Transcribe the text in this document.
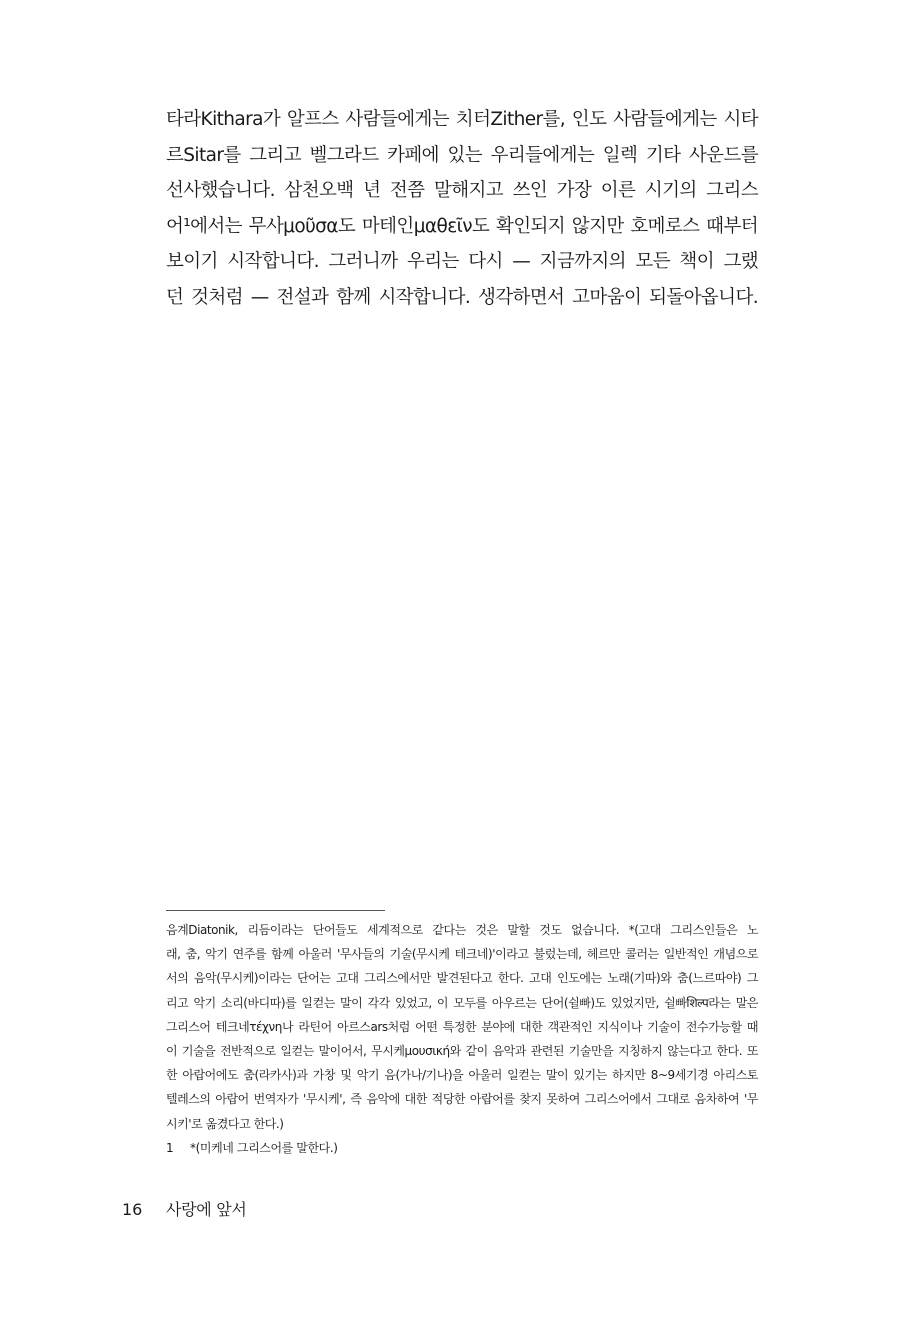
타라Kithara가 알프스 사람들에게는 치터Zither를, 인도 사람들에게는 시타
르Sitar를 그리고 벨그라드 카페에 있는 우리들에게는 일렉 기타 사운드를
선사했습니다. 삼천오백 년 전쯤 말해지고 쓰인 가장 이른 시기의 그리스
어¹에서는 무사μοῦσα도 마테인μαθεῖν도 확인되지 않지만 호메로스 때부터
보이기 시작합니다. 그러니까 우리는 다시 — 지금까지의 모든 책이 그랬
던 것처럼 — 전설과 함께 시작합니다. 생각하면서 고마움이 되돌아옵니다.
음계Diatonik, 리듬이라는 단어들도 세계적으로 같다는 것은 말할 것도 없습니다. *(고대 그리스인들은 노
래, 춤, 악기 연주를 함께 아울러 '무사들의 기술(무시케 테크네)'이라고 불렀는데, 헤르만 콜러는 일반적인 개념으로
서의 음악(무시케)이라는 단어는 고대 그리스에서만 발견된다고 한다. 고대 인도에는 노래(기따)와 춤(느르따야) 그
리고 악기 소리(바디따)를 일컫는 말이 각각 있었고, 이 모두를 아우르는 단어(쉴빠)도 있었지만, 쉴빠शिल्प라는 말은
그리스어 테크네τέχνη나 라틴어 아르스ars처럼 어떤 특정한 분야에 대한 객관적인 지식이나 기술이 전수가능할 때
이 기술을 전반적으로 일컫는 말이어서, 무시케μουσική와 같이 음악과 관련된 기술만을 지칭하지 않는다고 한다. 또
한 아랍어에도 춤(라카사)과 가창 및 악기 음(가나/기나)을 아울러 일컫는 말이 있기는 하지만 8~9세기경 아리스토
텔레스의 아랍어 번역자가 '무시케', 즉 음악에 대한 적당한 아랍어를 찾지 못하여 그리스어에서 그대로 음차하여 '무
시키'로 옮겼다고 한다.)
1 *(미케네 그리스어를 말한다.)
16 사랑에 앞서
